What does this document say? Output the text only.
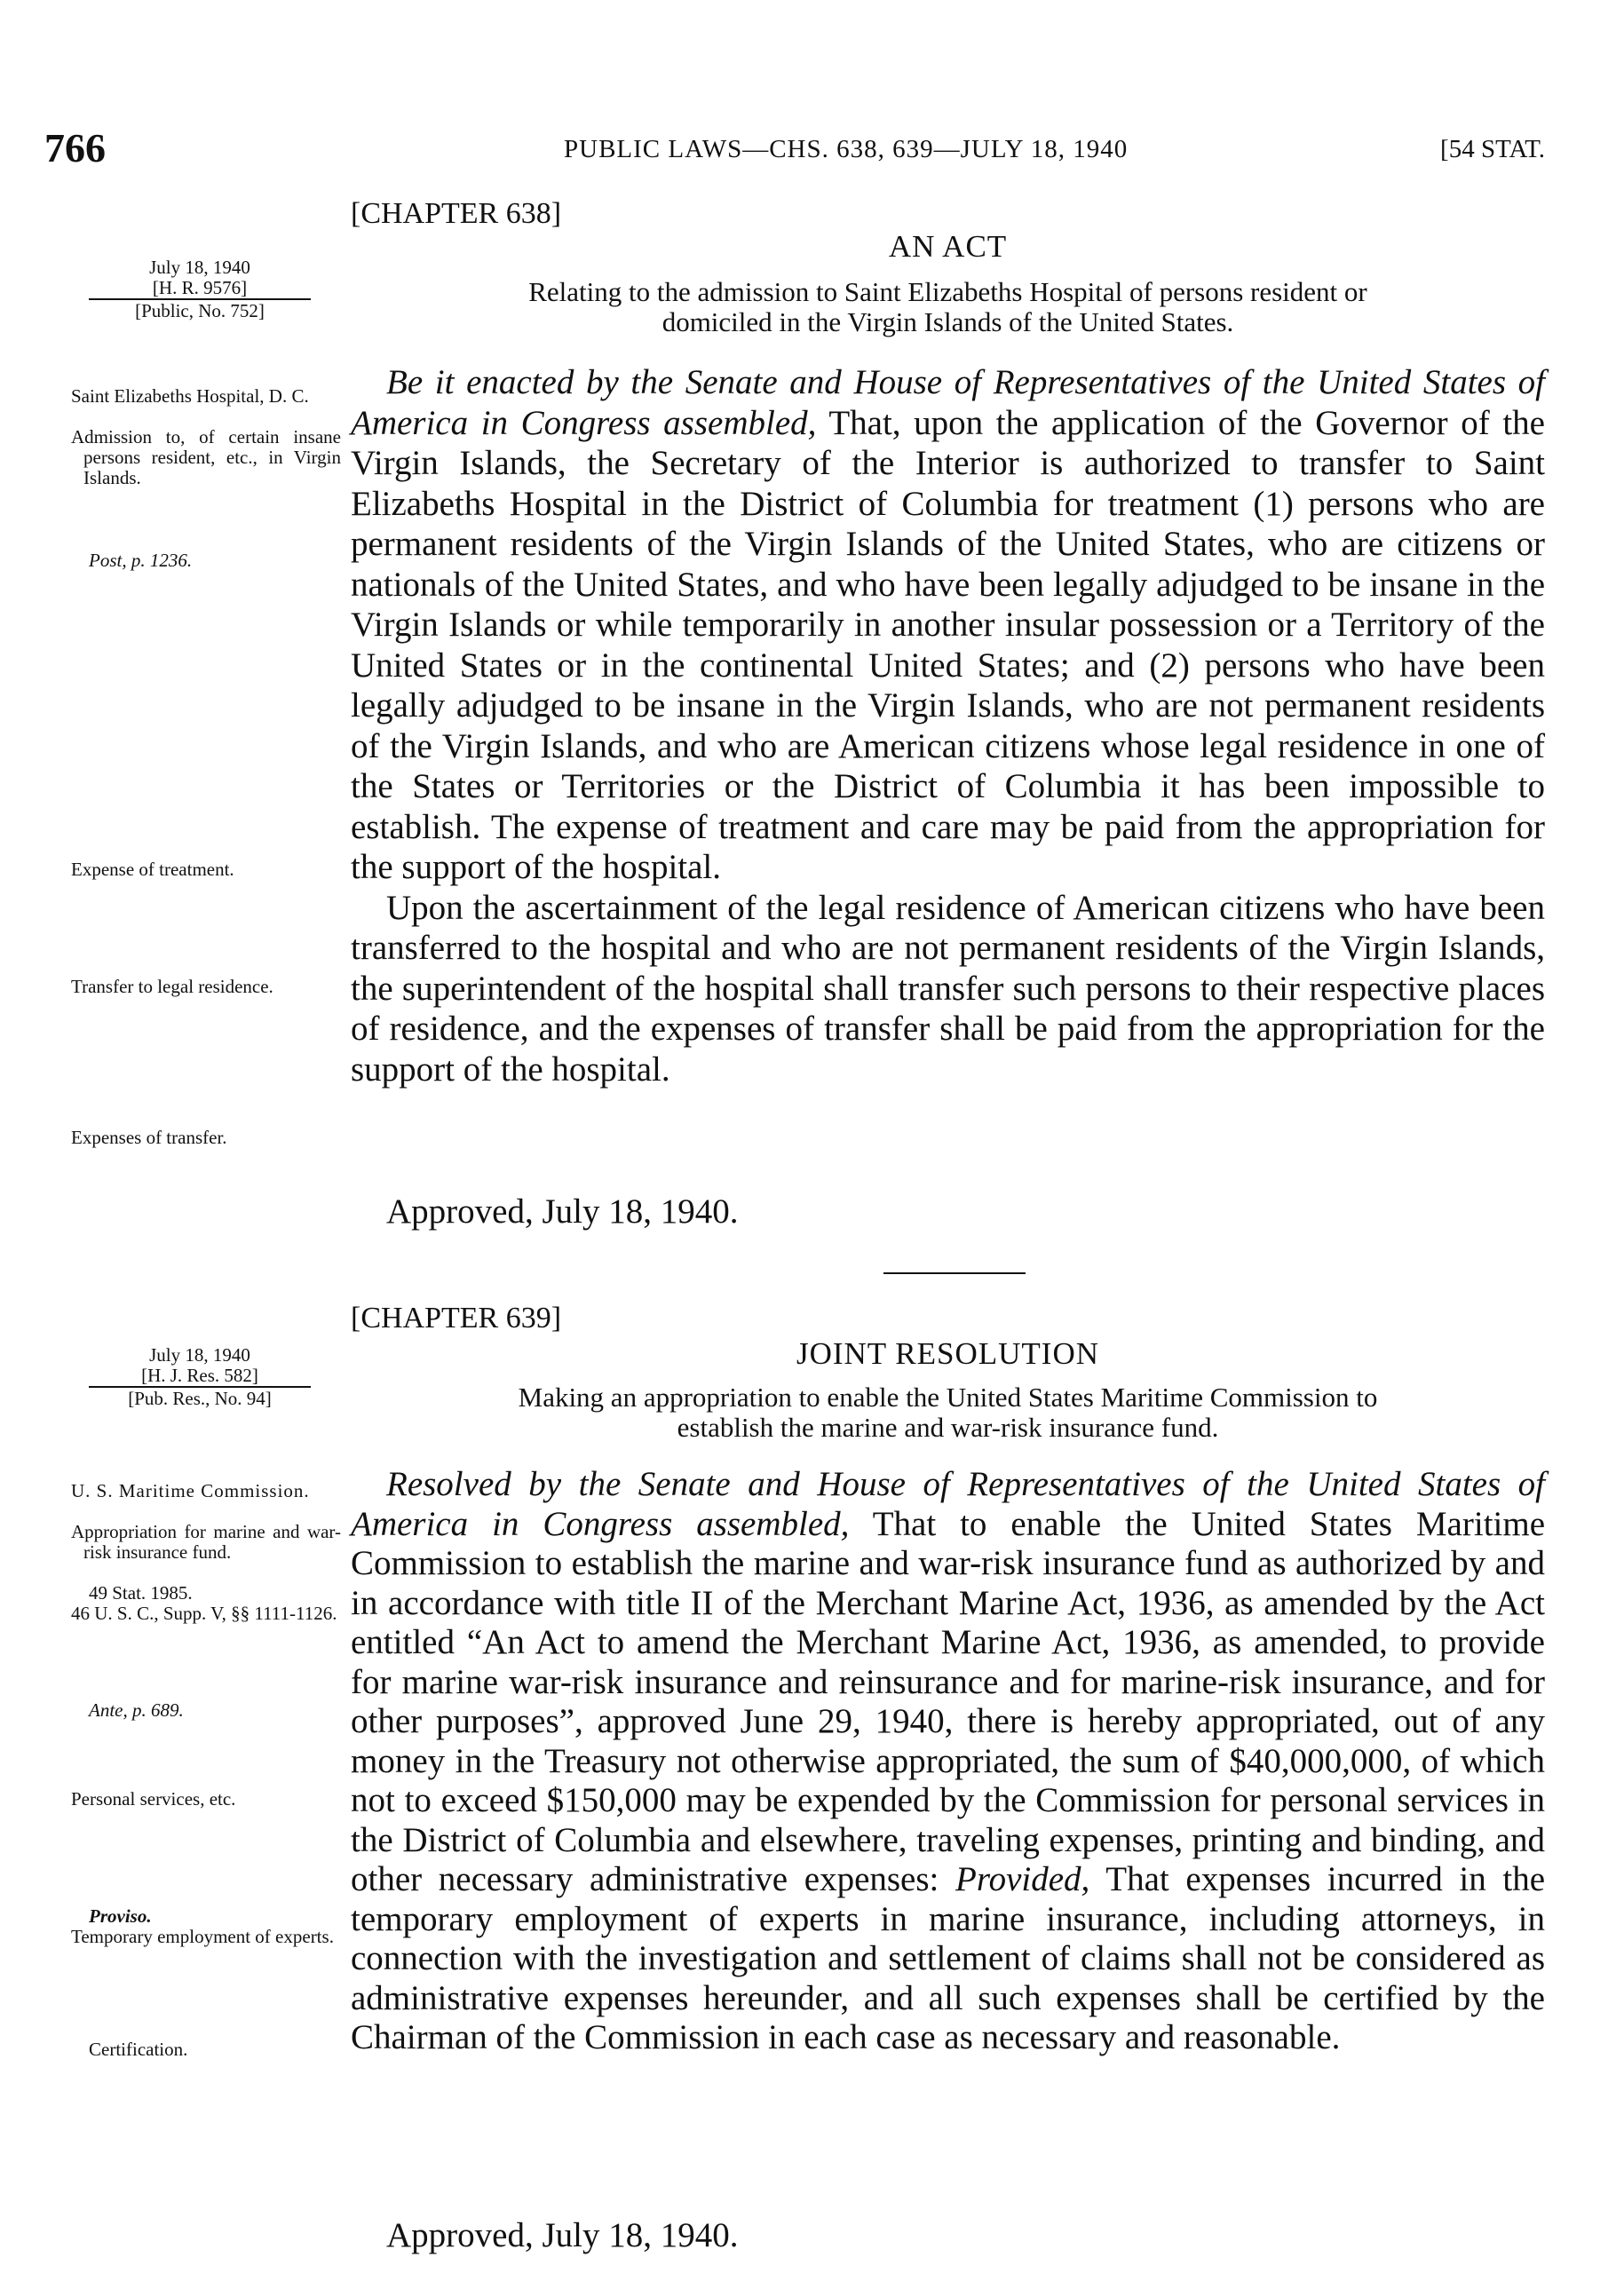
766	PUBLIC LAWS—CHS. 638, 639—JULY 18, 1940	[54 STAT.
July 18, 1940
[H. R. 9576]
[Public, No. 752]
Saint Elizabeths Hospital, D. C.
Admission to, of certain insane persons resident, etc., in Virgin Islands.
Post, p. 1236.
Expense of treatment.
Transfer to legal residence.
Expenses of transfer.
[CHAPTER 638]
AN ACT
Relating to the admission to Saint Elizabeths Hospital of persons resident or
domiciled in the Virgin Islands of the United States.

Be it enacted by the Senate and House of Representatives of the United States of America in Congress assembled, That, upon the application of the Governor of the Virgin Islands, the Secretary of the Interior is authorized to transfer to Saint Elizabeths Hospital in the District of Columbia for treatment (1) persons who are permanent residents of the Virgin Islands of the United States, who are citizens or nationals of the United States, and who have been legally adjudged to be insane in the Virgin Islands or while temporarily in another insular possession or a Territory of the United States or in the continental United States; and (2) persons who have been legally adjudged to be insane in the Virgin Islands, who are not permanent residents of the Virgin Islands, and who are American citizens whose legal residence in one of the States or Territories or the District of Columbia it has been impossible to establish. The expense of treatment and care may be paid from the appropriation for the support of the hospital.

Upon the ascertainment of the legal residence of American citizens who have been transferred to the hospital and who are not permanent residents of the Virgin Islands, the superintendent of the hospital shall transfer such persons to their respective places of residence, and the expenses of transfer shall be paid from the appropriation for the support of the hospital.

Approved, July 18, 1940.
July 18, 1940
[H. J. Res. 582]
[Pub. Res., No. 94]
U. S. Maritime Commission.
Appropriation for marine and war-risk insurance fund.
49 Stat. 1985.
46 U. S. C., Supp. V, §§ 1111-1126.
Ante, p. 689.
Personal services, etc.
Proviso.
Temporary employment of experts.
Certification.
[CHAPTER 639]
JOINT RESOLUTION
Making an appropriation to enable the United States Maritime Commission to
establish the marine and war-risk insurance fund.

Resolved by the Senate and House of Representatives of the United States of America in Congress assembled, That to enable the United States Maritime Commission to establish the marine and war-risk insurance fund as authorized by and in accordance with title II of the Merchant Marine Act, 1936, as amended by the Act entitled “An Act to amend the Merchant Marine Act, 1936, as amended, to provide for marine war-risk insurance and reinsurance and for marine-risk insurance, and for other purposes”, approved June 29, 1940, there is hereby appropriated, out of any money in the Treasury not otherwise appropriated, the sum of $40,000,000, of which not to exceed $150,000 may be expended by the Commission for personal services in the District of Columbia and elsewhere, traveling expenses, printing and binding, and other necessary administrative expenses: Provided, That expenses incurred in the temporary employment of experts in marine insurance, including attorneys, in connection with the investigation and settlement of claims shall not be considered as administrative expenses hereunder, and all such expenses shall be certified by the Chairman of the Commission in each case as necessary and reasonable.

Approved, July 18, 1940.
